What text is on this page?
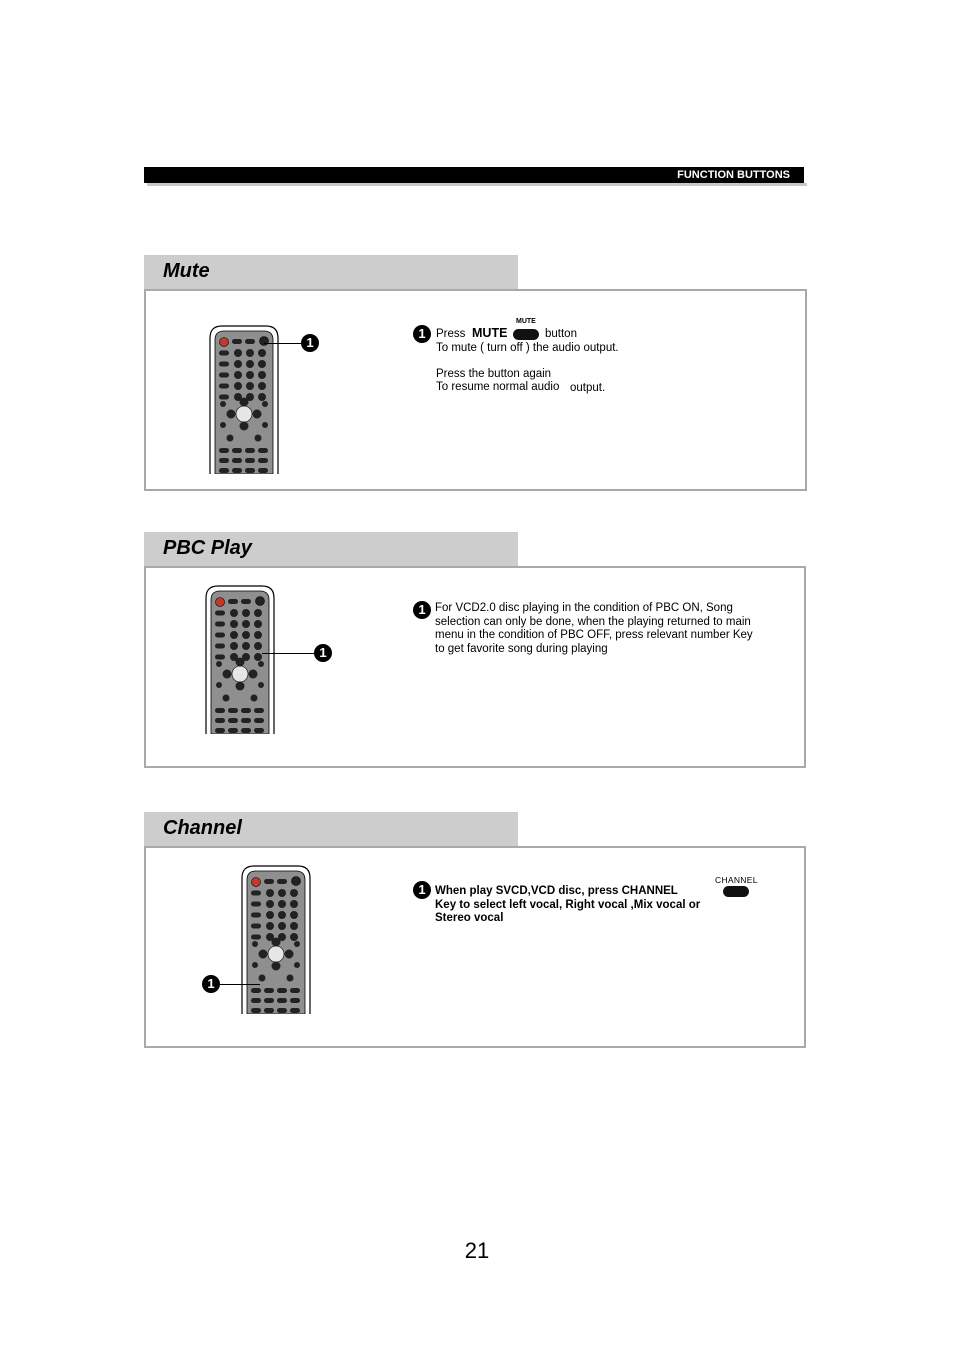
FUNCTION BUTTONS
Mute
1
1
MUTE
Press MUTE	button
To mute ( turn off ) the audio output.
Press the button again
To resume normal audio output.
PBC Play
1
1 For VCD2.0 disc playing in the condition of PBC ON, Song
selection can only be done, when the playing returned to main
menu in the condition of PBC OFF, press relevant number Key
to get favorite song during playing
Channel
1
1
CHANNEL
When play SVCD,VCD disc, press CHANNEL
Key to select left vocal, Right vocal ,Mix vocal or
Stereo vocal
21
